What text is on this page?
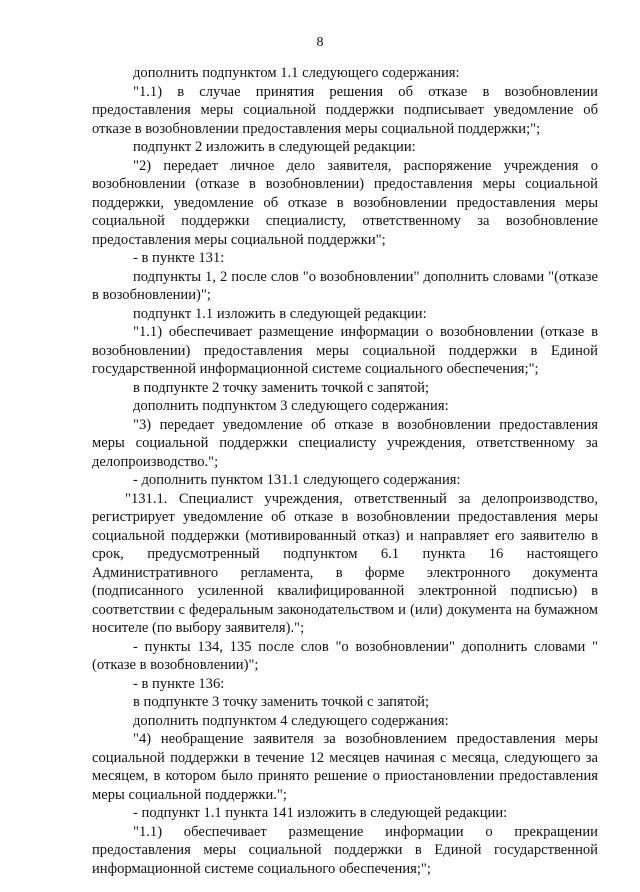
8

дополнить подпунктом 1.1 следующего содержания:

"1.1) в случае принятия решения об отказе в возобновлении предоставления меры социальной поддержки подписывает уведомление об отказе в возобновлении предоставления меры социальной поддержки;";

подпункт 2 изложить в следующей редакции:

"2) передает личное дело заявителя, распоряжение учреждения о возобновлении (отказе в возобновлении) предоставления меры социальной поддержки, уведомление об отказе в возобновлении предоставления меры социальной поддержки специалисту, ответственному за возобновление предоставления меры социальной поддержки";

- в пункте 131:

подпункты 1, 2 после слов "о возобновлении" дополнить словами "(отказе в возобновлении)";

подпункт 1.1 изложить в следующей редакции:

"1.1) обеспечивает размещение информации о возобновлении (отказе в возобновлении) предоставления меры социальной поддержки в Единой государственной информационной системе социального обеспечения;";

в подпункте 2 точку заменить точкой с запятой;

дополнить подпунктом 3 следующего содержания:

"3) передает уведомление об отказе в возобновлении предоставления меры социальной поддержки специалисту учреждения, ответственному за делопроизводство.";

- дополнить пунктом 131.1 следующего содержания:

"131.1. Специалист учреждения, ответственный за делопроизводство, регистрирует уведомление об отказе в возобновлении предоставления меры социальной поддержки (мотивированный отказ) и направляет его заявителю в срок, предусмотренный подпунктом 6.1 пункта 16 настоящего Административного регламента, в форме электронного документа (подписанного усиленной квалифицированной электронной подписью) в соответствии с федеральным законодательством и (или) документа на бумажном носителе (по выбору заявителя).";

- пункты 134, 135 после слов "о возобновлении" дополнить словами "(отказе в возобновлении)";

- в пункте 136:

в подпункте 3 точку заменить точкой с запятой;

дополнить подпунктом 4 следующего содержания:

"4) необращение заявителя за возобновлением предоставления меры социальной поддержки в течение 12 месяцев начиная с месяца, следующего за месяцем, в котором было принято решение о приостановлении предоставления меры социальной поддержки.";

- подпункт 1.1 пункта 141 изложить в следующей редакции:

"1.1) обеспечивает размещение информации о прекращении предоставления меры социальной поддержки в Единой государственной информационной системе социального обеспечения;";
